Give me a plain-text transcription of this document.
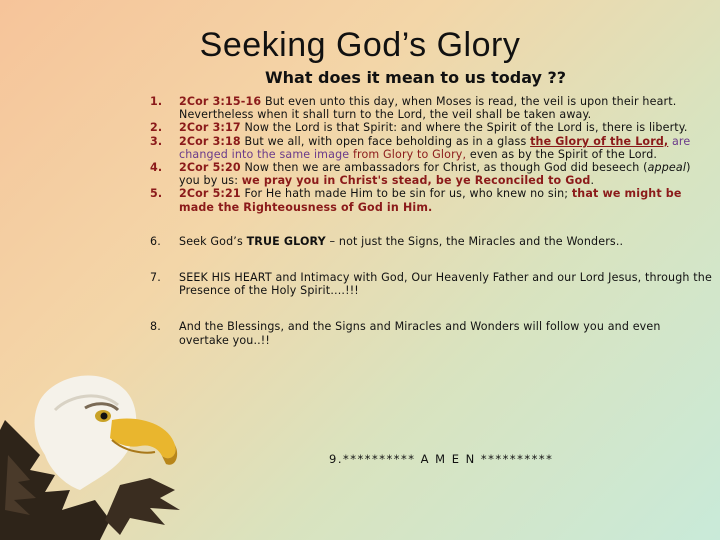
Seeking God’s Glory
What does it mean to us today ??
1.	2Cor 3:15-16 But even unto this day, when Moses is read, the veil is upon their heart. Nevertheless when it shall turn to the Lord, the veil shall be taken away.
2.	2Cor 3:17 Now the Lord is that Spirit: and where the Spirit of the Lord is, there is liberty.
3.	2Cor 3:18 But we all, with open face beholding as in a glass the Glory of the Lord, are changed into the same image from Glory to Glory, even as by the Spirit of the Lord.
4.	2Cor 5:20 Now then we are ambassadors for Christ, as though God did beseech (appeal) you by us: we pray you in Christ's stead, be ye Reconciled to God.
5.	2Cor 5:21 For He hath made Him to be sin for us, who knew no sin; that we might be made the Righteousness of God in Him.
6.	Seek God’s TRUE GLORY – not just the Signs, the Miracles and the Wonders..
7.	SEEK HIS HEART and Intimacy with God, Our Heavenly Father and our Lord Jesus, through the Presence of the Holy Spirit….!!!
8.	And the Blessings, and the Signs and Miracles and Wonders will follow you and even overtake you..!!
9.********** A M E N **********
